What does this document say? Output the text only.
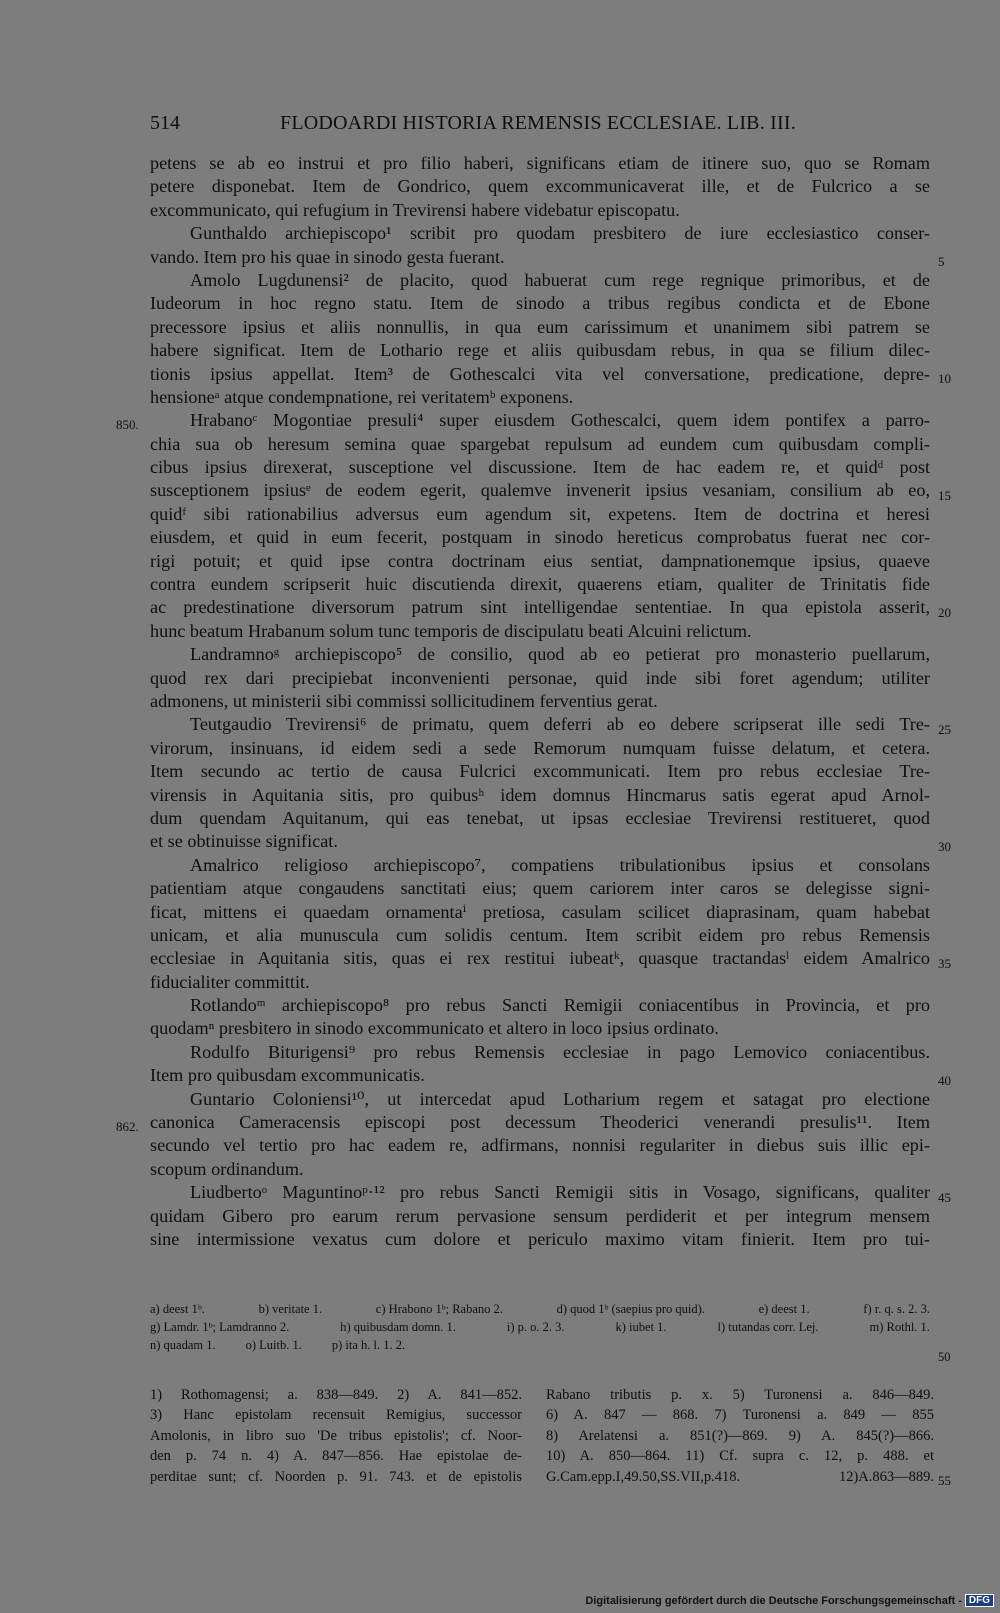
514	FLODOARDI HISTORIA REMENSIS ECCLESIAE. LIB. III.
petens se ab eo instrui et pro filio haberi, significans etiam de itinere suo, quo se Romam
petere disponebat. Item de Gondrico, quem excommunicaverat ille, et de Fulcrico a se
excommunicato, qui refugium in Trevirensi habere videbatur episcopatu.
Gunthaldo archiepiscopo¹ scribit pro quodam presbitero de iure ecclesiastico conser-
vando. Item pro his quae in sinodo gesta fuerant.
Amolo Lugdunensi² de placito, quod habuerat cum rege regnique primoribus, et de
Iudeorum in hoc regno statu. Item de sinodo a tribus regibus condicta et de Ebone
precessore ipsius et aliis nonnullis, in qua eum carissimum et unanimem sibi patrem se
habere significat. Item de Lothario rege et aliis quibusdam rebus, in qua se filium dilec-
tionis ipsius appellat. Item³ de Gothescalci vita vel conversatione, predicatione, depre-
hensioneᵃ atque condempnatione, rei veritatemᵇ exponens.
Hrabanoᶜ Mogontiae presuli⁴ super eiusdem Gothescalci, quem idem pontifex a parro-
chia sua ob heresum semina quae spargebat repulsum ad eundem cum quibusdam compli-
cibus ipsius direxerat, susceptione vel discussione. Item de hac eadem re, et quidᵈ post
susceptionem ipsiusᵉ de eodem egerit, qualemve invenerit ipsius vesaniam, consilium ab eo,
quidᶠ sibi rationabilius adversus eum agendum sit, expetens. Item de doctrina et heresi
eiusdem, et quid in eum fecerit, postquam in sinodo hereticus comprobatus fuerat nec cor-
rigi potuit; et quid ipse contra doctrinam eius sentiat, dampnationemque ipsius, quaeve
contra eundem scripserit huic discutienda direxit, quaerens etiam, qualiter de Trinitatis fide
ac predestinatione diversorum patrum sint intelligendae sententiae. In qua epistola asserit,
hunc beatum Hrabanum solum tunc temporis de discipulatu beati Alcuini relictum.
Landramnoᵍ archiepiscopo⁵ de consilio, quod ab eo petierat pro monasterio puellarum,
quod rex dari precipiebat inconvenienti personae, quid inde sibi foret agendum; utiliter
admonens, ut ministerii sibi commissi sollicitudinem ferventius gerat.
Teutgaudio Trevirensi⁶ de primatu, quem deferri ab eo debere scripserat ille sedi Tre-
virorum, insinuans, id eidem sedi a sede Remorum numquam fuisse delatum, et cetera.
Item secundo ac tertio de causa Fulcrici excommunicati. Item pro rebus ecclesiae Tre-
virensis in Aquitania sitis, pro quibusʰ idem domnus Hincmarus satis egerat apud Arnol-
dum quendam Aquitanum, qui eas tenebat, ut ipsas ecclesiae Trevirensi restitueret, quod
et se obtinuisse significat.
Amalrico religioso archiepiscopo⁷, compatiens tribulationibus ipsius et consolans
patientiam atque congaudens sanctitati eius; quem cariorem inter caros se delegisse signi-
ficat, mittens ei quaedam ornamentaⁱ pretiosa, casulam scilicet diaprasinam, quam habebat
unicam, et alia munuscula cum solidis centum. Item scribit eidem pro rebus Remensis
ecclesiae in Aquitania sitis, quas ei rex restitui iubeatᵏ, quasque tractandasˡ eidem Amalrico
fiducialiter committit.
Rotlandoᵐ archiepiscopo⁸ pro rebus Sancti Remigii coniacentibus in Provincia, et pro
quodamⁿ presbitero in sinodo excommunicato et altero in loco ipsius ordinato.
Rodulfo Biturigensi⁹ pro rebus Remensis ecclesiae in pago Lemovico coniacentibus.
Item pro quibusdam excommunicatis.
Guntario Coloniensi¹⁰, ut intercedat apud Lotharium regem et satagat pro electione
canonica Cameracensis episcopi post decessum Theoderici venerandi presulis¹¹. Item
secundo vel tertio pro hac eadem re, adfirmans, nonnisi regulariter in diebus suis illic epi-
scopum ordinandum.
Liudbertoᵒ Maguntinoᵖ·¹² pro rebus Sancti Remigii sitis in Vosago, significans, qualiter
quidam Gibero pro earum rerum pervasione sensum perdiderit et per integrum mensem
sine intermissione vexatus cum dolore et periculo maximo vitam finierit. Item pro tui-
5
10
15
20
25
30
35
40
45
850.
862.
a) deest 1ᵇ.	b) veritate 1.	c) Hrabono 1ᵇ; Rabano 2.	d) quod 1ᵇ (saepius pro quid).	e) deest 1.	f) r. q. s. 2. 3.
g) Lamdr. 1ᵇ; Lamdranno 2.	h) quibusdam domn. 1.	i) p. o. 2. 3.	k) iubet 1.	l) tutandas corr. Lej.	m) Rothl. 1.
n) quadam 1. o) Luitb. 1. p) ita h. l. 1. 2.
50
1) Rothomagensi; a. 838—849. 2) A. 841—852.
3) Hanc epistolam recensuit Remigius, successor
Amolonis, in libro suo 'De tribus epistolis'; cf. Noor-
den p. 74 n. 4) A. 847—856. Hae epistolae de-
perditae sunt; cf. Noorden p. 91. 743. et de epistolis
Rabano tributis p. x. 5) Turonensi a. 846—849.
6) A. 847 — 868. 7) Turonensi a. 849 — 855
8) Arelatensi a. 851(?)—869. 9) A. 845(?)—866.
10) A. 850—864. 11) Cf. supra c. 12, p. 488. et
G.Cam.epp.I,49.50,SS.VII,p.418. 12)A.863—889. 55
Digitalisierung gefördert durch die Deutsche Forschungsgemeinschaft - DFG
